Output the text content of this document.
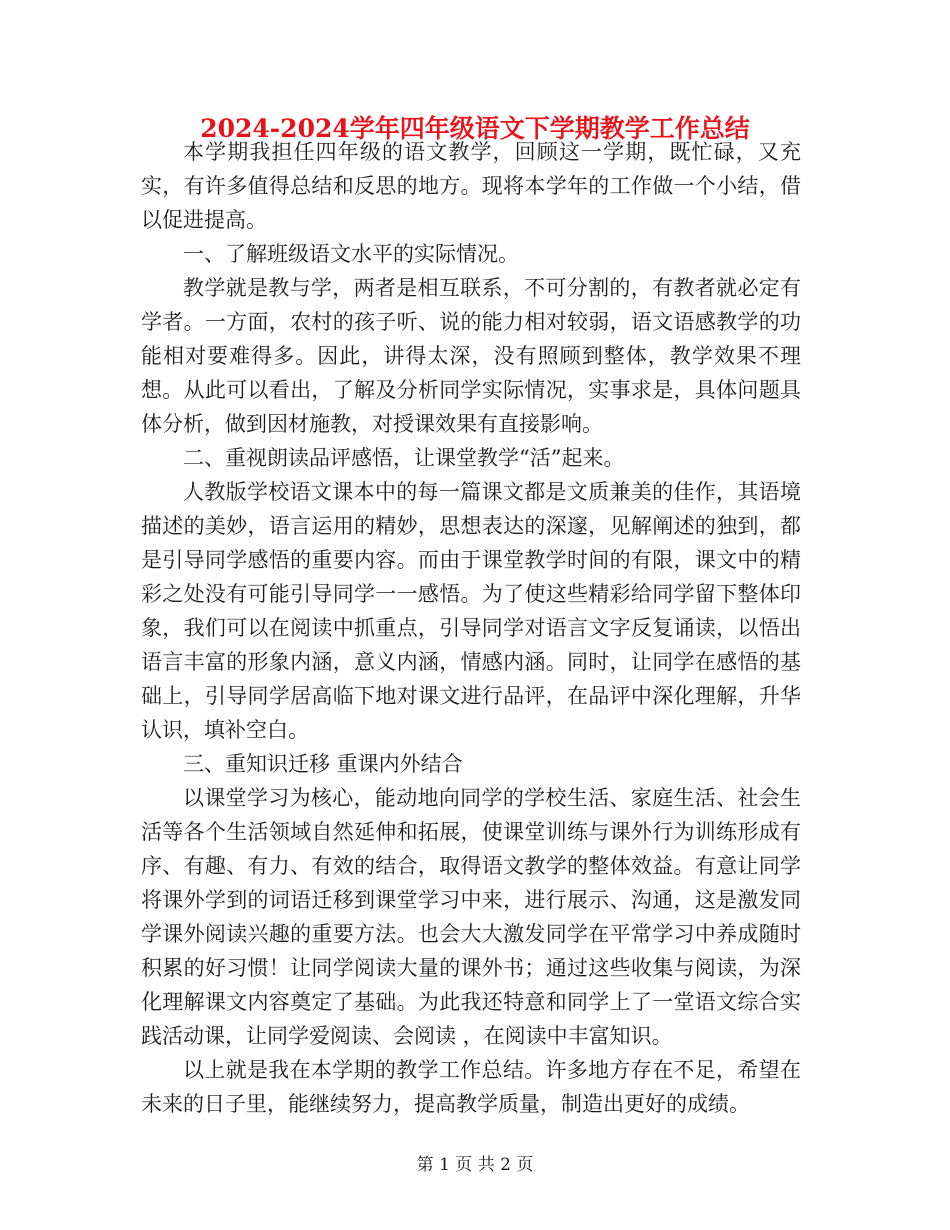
2024-2024学年四年级语文下学期教学工作总结

本学期我担任四年级的语文教学，回顾这一学期，既忙碌，又充实，有许多值得总结和反思的地方。现将本学年的工作做一个小结，借以促进提高。

一、了解班级语文水平的实际情况。

教学就是教与学，两者是相互联系，不可分割的，有教者就必定有学者。一方面，农村的孩子听、说的能力相对较弱，语文语感教学的功能相对要难得多。因此，讲得太深，没有照顾到整体，教学效果不理想。从此可以看出，了解及分析同学实际情况，实事求是，具体问题具体分析，做到因材施教，对授课效果有直接影响。

二、重视朗读品评感悟，让课堂教学“活”起来。

人教版学校语文课本中的每一篇课文都是文质兼美的佳作，其语境描述的美妙，语言运用的精妙，思想表达的深邃，见解阐述的独到，都是引导同学感悟的重要内容。而由于课堂教学时间的有限，课文中的精彩之处没有可能引导同学一一感悟。为了使这些精彩给同学留下整体印象，我们可以在阅读中抓重点，引导同学对语言文字反复诵读，以悟出语言丰富的形象内涵，意义内涵，情感内涵。同时，让同学在感悟的基础上，引导同学居高临下地对课文进行品评，在品评中深化理解，升华认识，填补空白。

三、重知识迁移 重课内外结合

以课堂学习为核心，能动地向同学的学校生活、家庭生活、社会生活等各个生活领域自然延伸和拓展，使课堂训练与课外行为训练形成有序、有趣、有力、有效的结合，取得语文教学的整体效益。有意让同学将课外学到的词语迁移到课堂学习中来，进行展示、沟通，这是激发同学课外阅读兴趣的重要方法。也会大大激发同学在平常学习中养成随时积累的好习惯！让同学阅读大量的课外书；通过这些收集与阅读，为深化理解课文内容奠定了基础。为此我还特意和同学上了一堂语文综合实践活动课，让同学爱阅读、会阅读 ，在阅读中丰富知识。

以上就是我在本学期的教学工作总结。许多地方存在不足，希望在未来的日子里，能继续努力，提高教学质量，制造出更好的成绩。

第 1 页 共 2 页
